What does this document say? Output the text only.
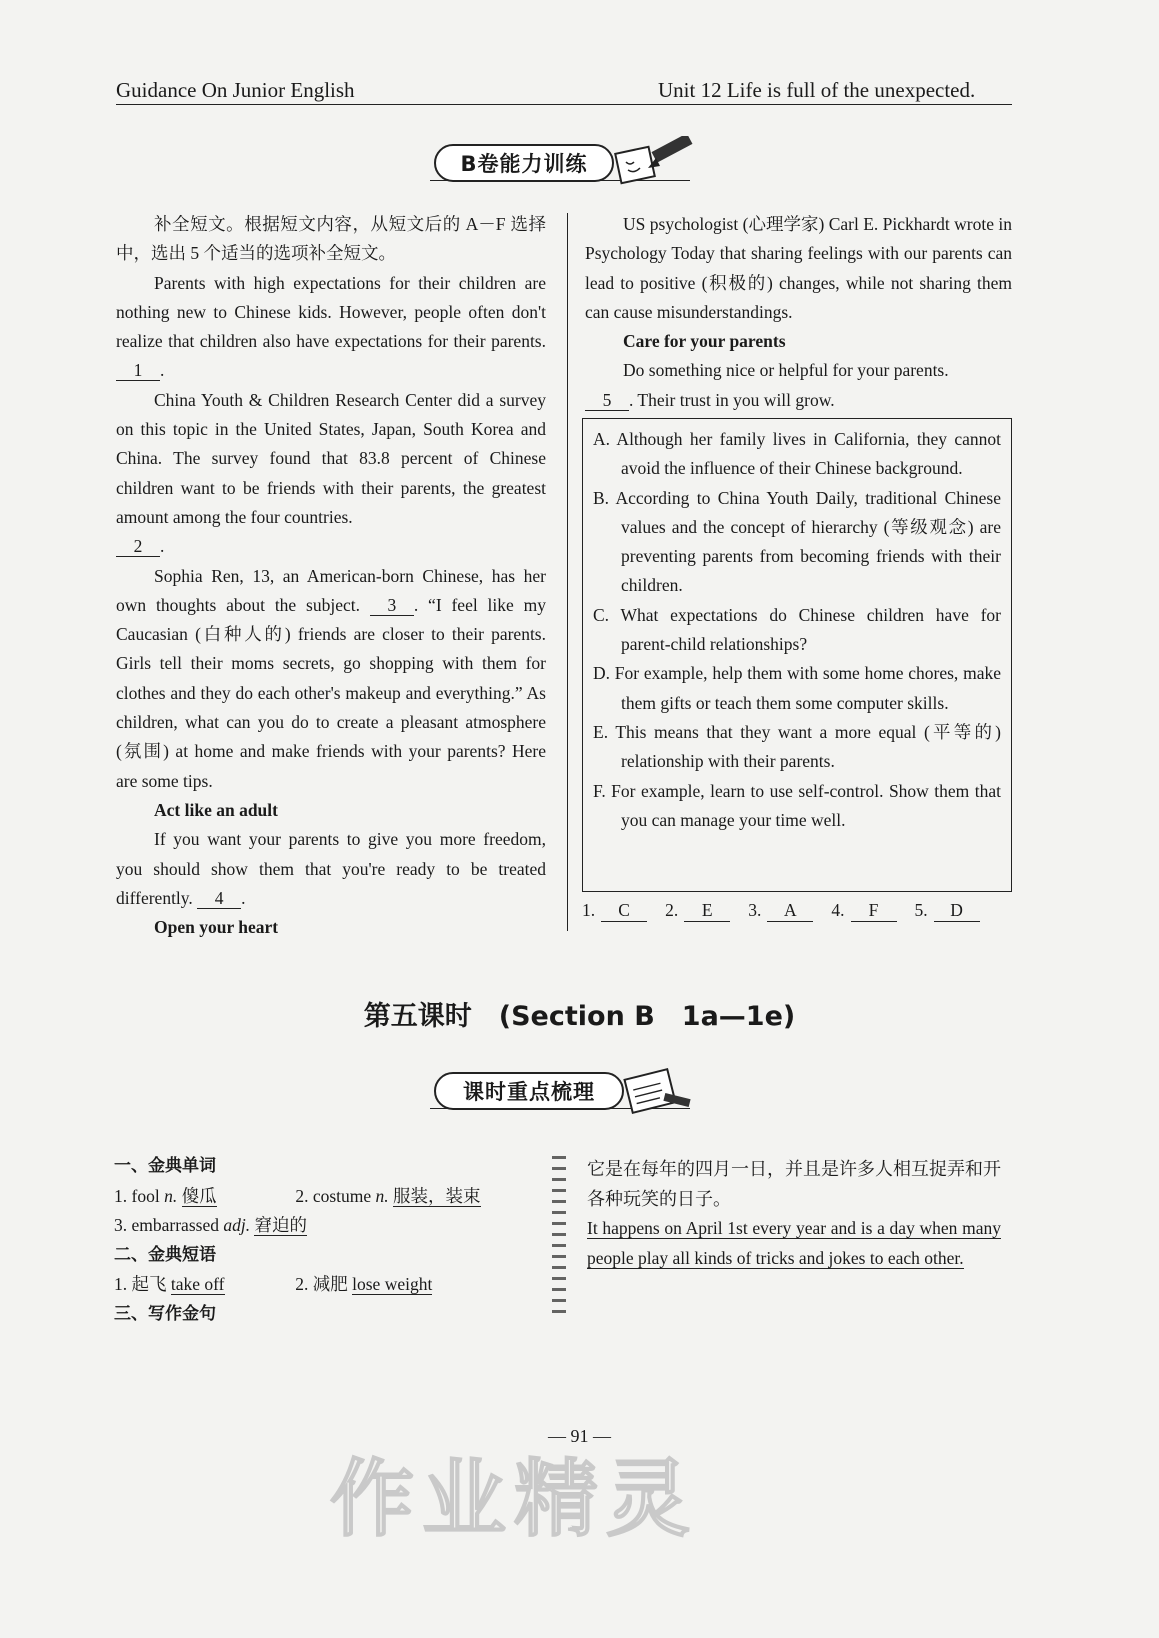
Guidance On Junior English	Unit 12 Life is full of the unexpected.
B卷能力训练

补全短文。根据短文内容，从短文后的 A－F 选择中，选出 5 个适当的选项补全短文。

Parents with high expectations for their children are nothing new to Chinese kids. However, people often don't realize that children also have expectations for their parents. 1 .

China Youth & Children Research Center did a survey on this topic in the United States, Japan, South Korea and China. The survey found that 83.8 percent of Chinese children want to be friends with their parents, the greatest amount among the four countries.

2 .

Sophia Ren, 13, an American-born Chinese, has her own thoughts about the subject. 3 . “I feel like my Caucasian (白种人的) friends are closer to their parents. Girls tell their moms secrets, go shopping with them for clothes and they do each other's makeup and everything.” As children, what can you do to create a pleasant atmosphere (氛围) at home and make friends with your parents? Here are some tips.

Act like an adult

If you want your parents to give you more freedom, you should show them that you're ready to be treated differently. 4 .

Open your heart

US psychologist (心理学家) Carl E. Pickhardt wrote in Psychology Today that sharing feelings with our parents can lead to positive (积极的) changes, while not sharing them can cause misunderstandings.

Care for your parents

Do something nice or helpful for your parents.

5 . Their trust in you will grow.

A. Although her family lives in California, they cannot avoid the influence of their Chinese background.

B. According to China Youth Daily, traditional Chinese values and the concept of hierarchy (等级观念) are preventing parents from becoming friends with their children.

C. What expectations do Chinese children have for parent-child relationships?

D. For example, help them with some home chores, make them gifts or teach them some computer skills.

E. This means that they want a more equal (平等的) relationship with their parents.

F. For example, learn to use self-control. Show them that you can manage your time well.

1.	C	2.	E	3.	A	4.	F	5.	D
第五课时　(Section B　1a—1e)
课时重点梳理
一、金典单词
1. fool n. 傻瓜	2. costume n. 服装，装束
3. embarrassed adj. 窘迫的
二、金典短语
1. 起飞 take off	2. 减肥 lose weight
三、写作金句
它是在每年的四月一日，并且是许多人相互捉弄和开各种玩笑的日子。
It happens on April 1st every year and is a day when many people play all kinds of tricks and jokes to each other.
— 91 —
作业精灵
